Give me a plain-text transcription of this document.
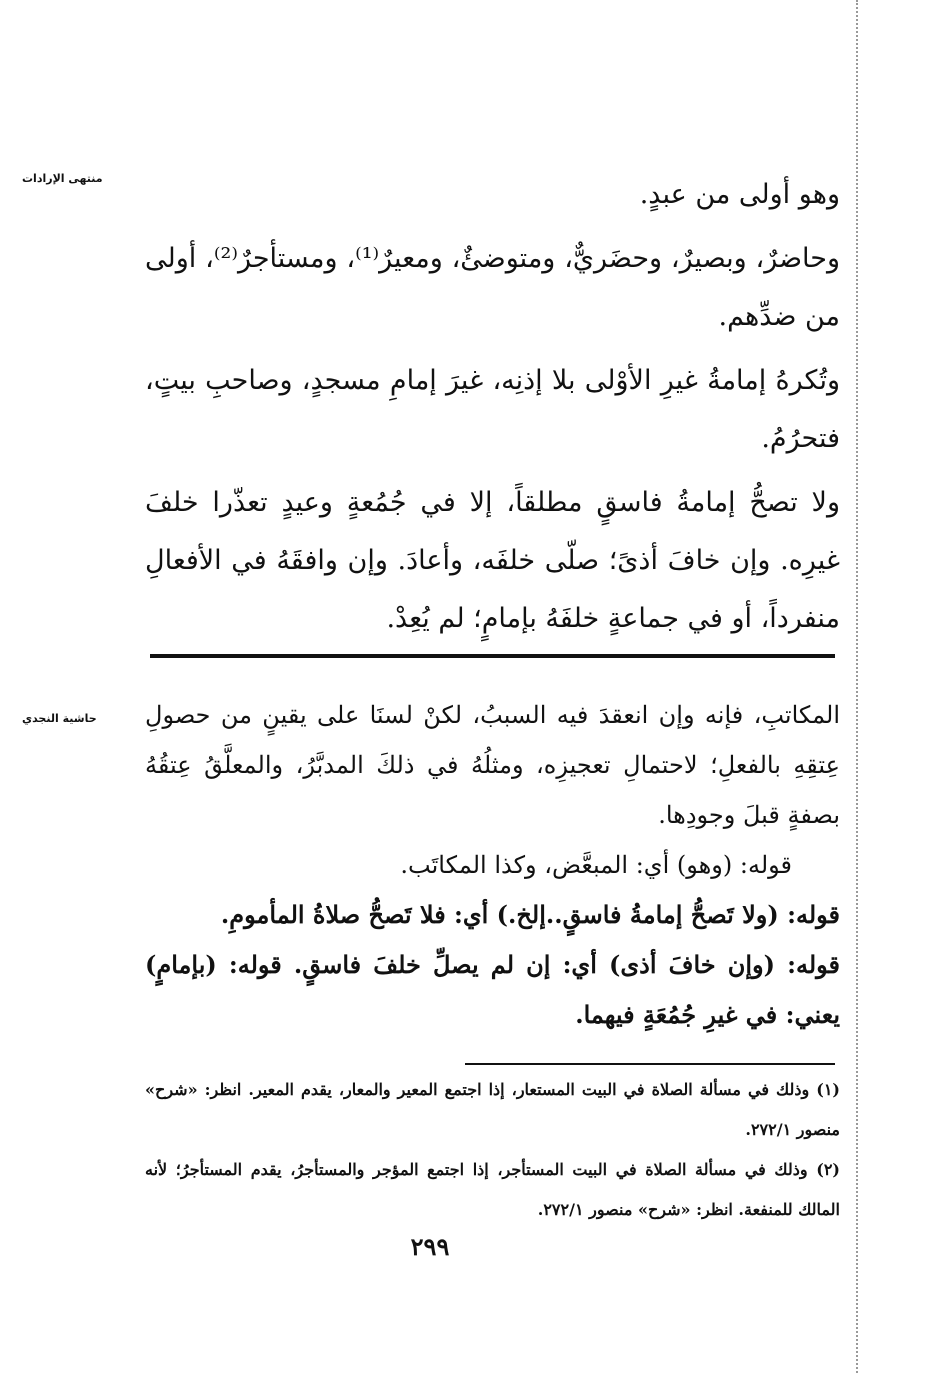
منتهى الإرادات

وهو أولى من عبدٍ.

وحاضرٌ، وبصيرٌ، وحضَريٌّ، ومتوضئٌ، ومعيرٌ⁽¹⁾، ومستأجرٌ⁽²⁾، أولى من ضدِّهم.

وتُكرهُ إمامةُ غيرِ الأوْلى بلا إذنِه، غيرَ إمامِ مسجدٍ، وصاحبِ بيتٍ، فتحرُمُ.

ولا تصحُّ إمامةُ فاسقٍ مطلقاً، إلا في جُمُعةٍ وعيدٍ تعذّرا خلفَ غيرِه. وإن خافَ أذىً؛ صلّى خلفَه، وأعادَ. وإن وافقَهُ في الأفعالِ منفرداً، أو في جماعةٍ خلفَهُ بإمامٍ؛ لم يُعِدْ.

حاشية النجدي المكاتبِ، فإنه وإن انعقدَ فيه السببُ، لكنْ لسنَا على يقينٍ من حصولِ عِتقِهِ بالفعلِ؛ لاحتمالِ تعجيزِه، ومثلُهُ في ذلكَ المدبَّرُ، والمعلَّقُ عِتقُهُ بصفةٍ قبلَ وجودِها.

قوله: (وهو) أي: المبعَّض، وكذا المكاتَب.

قوله: (ولا تَصحُّ إمامةُ فاسقٍ..إلخ.) أي: فلا تَصحُّ صلاةُ المأمومِ.

قوله: (وإن خافَ أذى) أي: إن لم يصلِّ خلفَ فاسقٍ. قوله: (بإمامٍ) يعني: في غيرِ جُمُعَةٍ فيهما.

(١) وذلك في مسألة الصلاة في البيت المستعار، إذا اجتمع المعير والمعار، يقدم المعير. انظر: «شرح» منصور ٢٧٢/١.

(٢) وذلك في مسألة الصلاة في البيت المستأجر، إذا اجتمع المؤجر والمستأجرُ، يقدم المستأجرُ؛ لأنه المالك للمنفعة. انظر: «شرح» منصور ٢٧٢/١.

٢٩٩
